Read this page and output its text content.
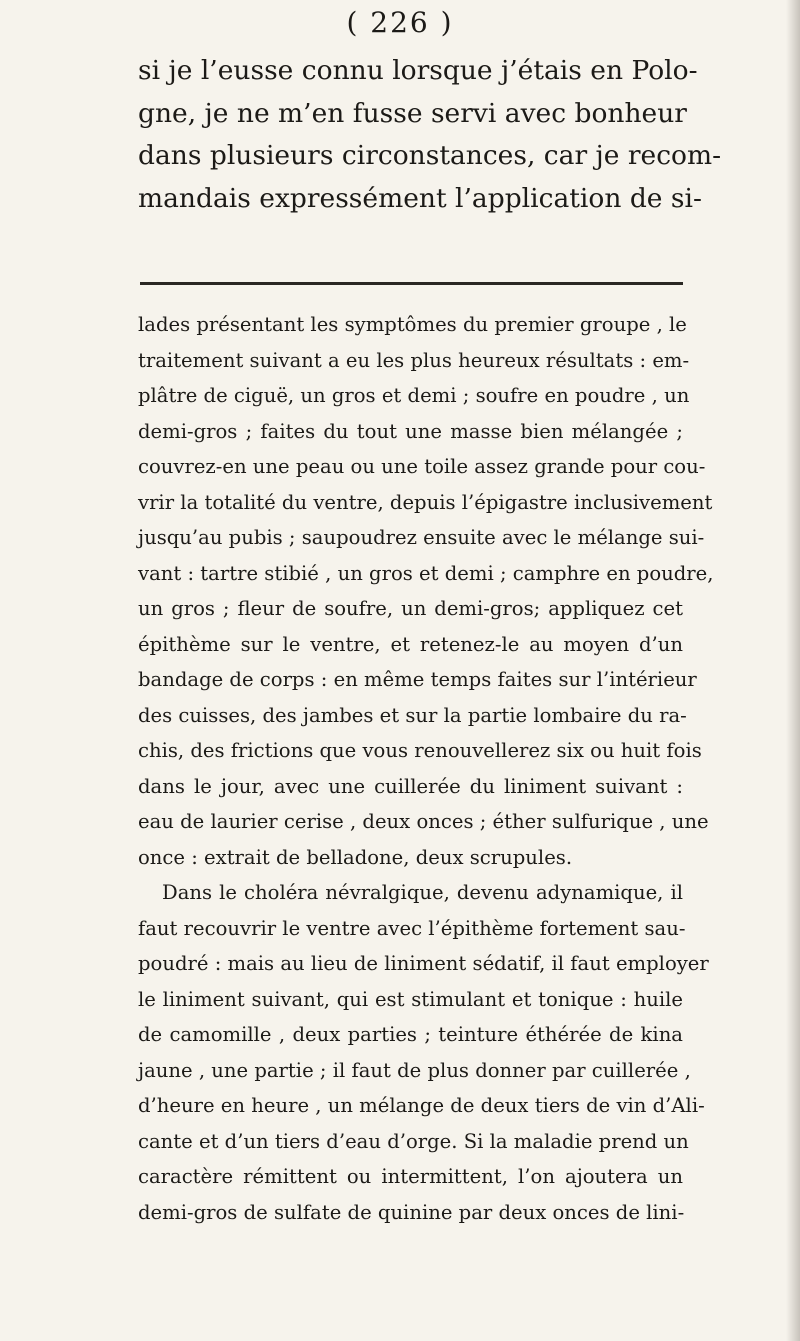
( 226 )
si je l’eusse connu lorsque j’étais en Polo-
gne, je ne m’en fusse servi avec bonheur
dans plusieurs circonstances, car je recom-
mandais expressément l’application de si-
lades présentant les symptômes du premier groupe , le
traitement suivant a eu les plus heureux résultats : em-
plâtre de ciguë, un gros et demi ; soufre en poudre , un
demi-gros ; faites du tout une masse bien mélangée ;
couvrez-en une peau ou une toile assez grande pour cou-
vrir la totalité du ventre, depuis l’épigastre inclusivement
jusqu’au pubis ; saupoudrez ensuite avec le mélange sui-
vant : tartre stibié , un gros et demi ; camphre en poudre,
un gros ; fleur de soufre, un demi-gros; appliquez cet
épithème sur le ventre, et retenez-le au moyen d’un
bandage de corps : en même temps faites sur l’intérieur
des cuisses, des jambes et sur la partie lombaire du ra-
chis, des frictions que vous renouvellerez six ou huit fois
dans le jour, avec une cuillerée du liniment suivant :
eau de laurier cerise , deux onces ; éther sulfurique , une
once : extrait de belladone, deux scrupules.
Dans le choléra névralgique, devenu adynamique, il
faut recouvrir le ventre avec l’épithème fortement sau-
poudré : mais au lieu de liniment sédatif, il faut employer
le liniment suivant, qui est stimulant et tonique : huile
de camomille , deux parties ; teinture éthérée de kina
jaune , une partie ; il faut de plus donner par cuillerée ,
d’heure en heure , un mélange de deux tiers de vin d’Ali-
cante et d’un tiers d’eau d’orge. Si la maladie prend un
caractère rémittent ou intermittent, l’on ajoutera un
demi-gros de sulfate de quinine par deux onces de lini-
